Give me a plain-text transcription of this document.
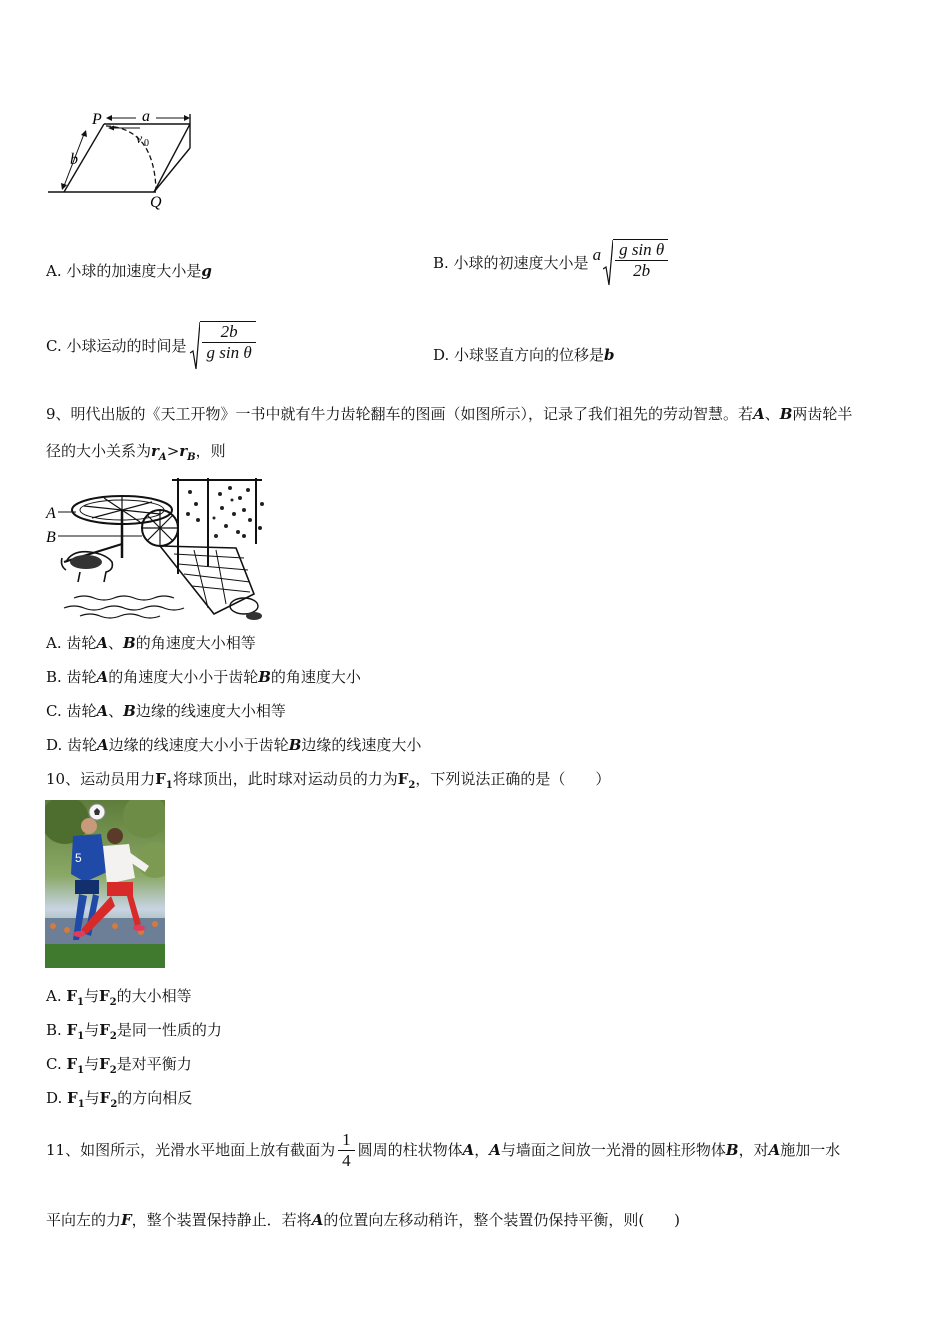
P	a
v 0
b
Q
A. 小球的加速度大小是g	B. 小球的初速度大小是 a $\frac{\text{g sin θ}}{2b}$
C. 小球运动的时间是 $\frac{2b}{\text{g sin θ}}$	D. 小球竖直方向的位移是b
9、明代出版的《天工开物》一书中就有牛力齿轮翻车的图画（如图所示），记录了我们祖先的劳动智慧。若A、B两齿轮半
径的大小关系为$r_A>r_B$，则
A
B
A. 齿轮A、B的角速度大小相等
B. 齿轮A的角速度大小小于齿轮B的角速度大小
C. 齿轮A、B边缘的线速度大小相等
D. 齿轮A边缘的线速度大小小于齿轮B边缘的线速度大小
10、运动员用力$F_1$将球顶出，此时球对运动员的力为$F_2$，下列说法正确的是（　　）
5
A. $F_1$与$F_2$的大小相等
B. $F_1$与$F_2$是同一性质的力
C. $F_1$与$F_2$是对平衡力
D. $F_1$与$F_2$的方向相反
11、如图所示，光滑水平地面上放有截面为 $\frac{1}{4}$ 圆周的柱状物体 A ， A 与墙面之间放一光滑的圆柱形物体 B ，对 A 施加一水
平向左的力F，整个装置保持静止．若将A的位置向左移动稍许，整个装置仍保持平衡，则(　　)
